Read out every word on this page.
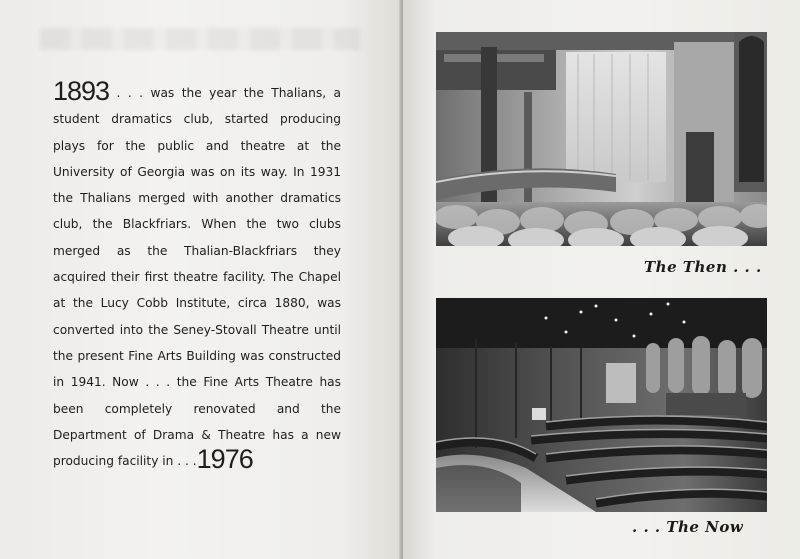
1893 . . . was the year the Thalians, a student dramatics club, started producing plays for the public and theatre at the University of Georgia was on its way. In 1931 the Thalians merged with another dramatics club, the Blackfriars. When the two clubs merged as the Thalian-Blackfriars they acquired their first theatre facility. The Chapel at the Lucy Cobb Institute, circa 1880, was converted into the Seney-Stovall Theatre until the present Fine Arts Building was constructed in 1941. Now . . . the Fine Arts Theatre has been completely renovated and the Department of Drama & Theatre has a new producing facility in . . .1976

The Then . . .
. . . The Now
